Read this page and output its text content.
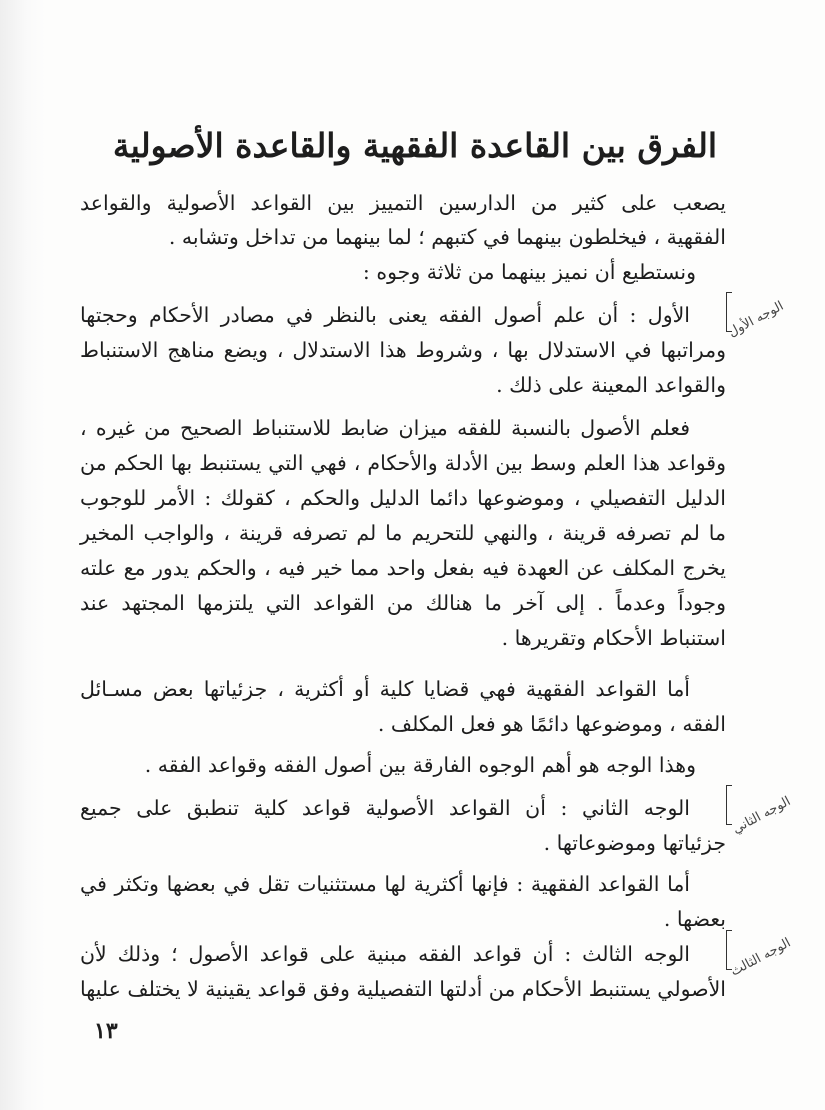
الفرق بين القاعدة الفقهية والقاعدة الأصولية
يصعب على كثير من الدارسين التمييز بين القواعد الأصولية والقواعد
الفقهية ، فيخلطون بينهما في كتبهم ؛ لما بينهما من تداخل وتشابه .
ونستطيع أن نميز بينهما من ثلاثة وجوه :
الأول : أن علم أصول الفقه يعنى بالنظر في مصادر الأحكام وحجتها
ومراتبها في الاستدلال بها ، وشروط هذا الاستدلال ، ويضع مناهج الاستنباط
والقواعد المعينة على ذلك .
فعلم الأصول بالنسبة للفقه ميزان ضابط للاستنباط الصحيح من غيره ،
وقواعد هذا العلم وسط بين الأدلة والأحكام ، فهي التي يستنبط بها الحكم من
الدليل التفصيلي ، وموضوعها دائما الدليل والحكم ، كقولك : الأمر للوجوب
ما لم تصرفه قرينة ، والنهي للتحريم ما لم تصرفه قرينة ، والواجب المخير
يخرج المكلف عن العهدة فيه بفعل واحد مما خير فيه ، والحكم يدور مع علته
وجوداً وعدماً . إلى آخر ما هنالك من القواعد التي يلتزمها المجتهد عند
استنباط الأحكام وتقريرها .
أما القواعد الفقهية فهي قضايا كلية أو أكثرية ، جزئياتها بعض مسـائل
الفقه ، وموضوعها دائمًا هو فعل المكلف .
وهذا الوجه هو أهم الوجوه الفارقة بين أصول الفقه وقواعد الفقه .
الوجه الثاني : أن القواعد الأصولية قواعد كلية تنطبق على جميع
جزئياتها وموضوعاتها .
أما القواعد الفقهية : فإنها أكثرية لها مستثنيات تقل في بعضها وتكثر في
بعضها .
الوجه الثالث : أن قواعد الفقه مبنية على قواعد الأصول ؛ وذلك لأن
الأصولي يستنبط الأحكام من أدلتها التفصيلية وفق قواعد يقينية لا يختلف عليها
الوجه الأول
الوجه الثاني
الوجه الثالث
١٣
